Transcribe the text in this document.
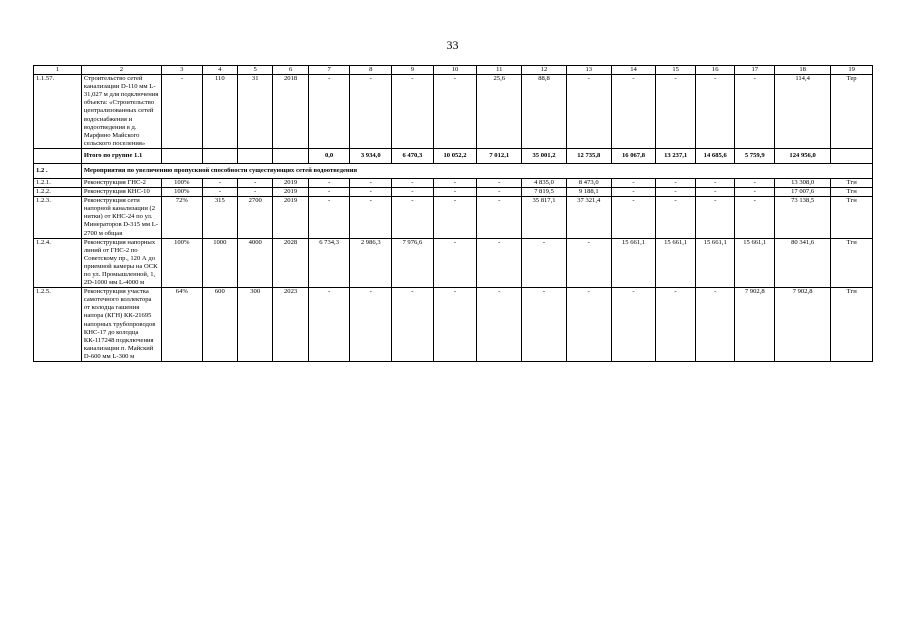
33
1	2	3	4	5	6	7	8	9	10	11	12	13	14	15	16	17	18	19
1.1.57.	Строительство сетей канализации D-110 мм L-31,027 м для подключения объекта: «Строительство централизованных сетей водоснабжения и водоотведения в д. Марфино Майского сельского поселения»	-	110	31	2018	-	-	-	-	25,6	88,8	-	-	-	-	-	114,4	Тер
	Итого по группе 1.1					0,0	3 934,0	6 470,3	10 052,2	7 012,1	35 001,2	12 735,8	16 067,8	13 237,1	14 685,6	5 759,9	124 956,0	
1.2 .	Мероприятия по увеличению пропускной способности существующих сетей водоотведения																	
1.2.1.	Реконструкция ГНС-2	100%	-	-	2019	-	-	-	-	-	4 835,0	8 473,0	-	-	-	-	13 308,0	Тгн
1.2.2.	Реконструкция КНС-10	100%	-	-	2019	-	-	-	-	-	7 819,5	9 188,1	-	-	-	-	17 007,6	Тгн
1.2.3.	Реконструкция сети напорной канализации (2 нитки) от КНС-24 по ул. Минераторов D-315 мм L-2700 м общая	72%	315	2700	2019	-	-	-	-	-	35 817,1	37 321,4	-	-	-	-	73 138,5	Тгн
1.2.4.	Реконструкция напорных линий от ГНС-2 по Советскому пр., 120 А до приемной камеры на ОСК по ул. Промышленной, 1, 2D-1000 мм L-4000 м	100%	1000	4000	2028	6 734,3	2 986,3	7 976,6	-	-	-	-	15 661,1	15 661,1	15 661,1	15 661,1	80 341,6	Тгн
1.2.5.	Реконструкция участка самотечного коллектора от колодца гашения напора (КГН) КК-21695 напорных трубопроводов КНС-17 до колодца КК-117248 подключения канализации п. Майский D-600 мм L-300 м	64%	600	300	2023	-	-	-	-	-	-	-	-	-	-	7 902,8	7 902,8	Тгн
